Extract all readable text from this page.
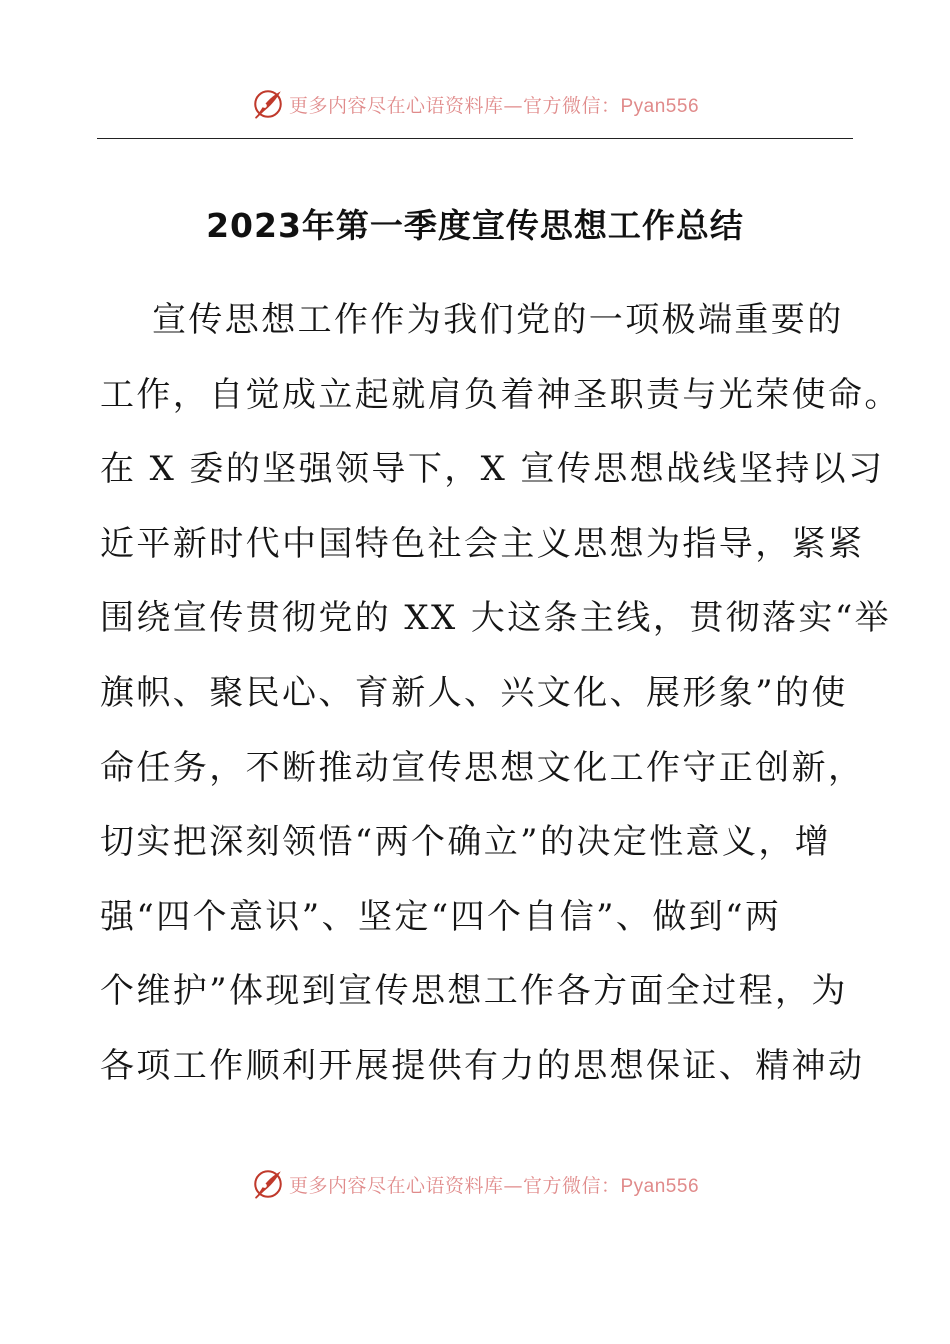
更多内容尽在心语资料库—官方微信：Pyan556
2023年第一季度宣传思想工作总结
宣传思想工作作为我们党的一项极端重要的
工作，自觉成立起就肩负着神圣职责与光荣使命。
在 X 委的坚强领导下，X 宣传思想战线坚持以习
近平新时代中国特色社会主义思想为指导，紧紧
围绕宣传贯彻党的 XX 大这条主线，贯彻落实“举
旗帜、聚民心、育新人、兴文化、展形象”的使
命任务，不断推动宣传思想文化工作守正创新，
切实把深刻领悟“两个确立”的决定性意义，增
强“四个意识”、坚定“四个自信”、做到“两
个维护”体现到宣传思想工作各方面全过程，为
各项工作顺利开展提供有力的思想保证、精神动
更多内容尽在心语资料库—官方微信：Pyan556
